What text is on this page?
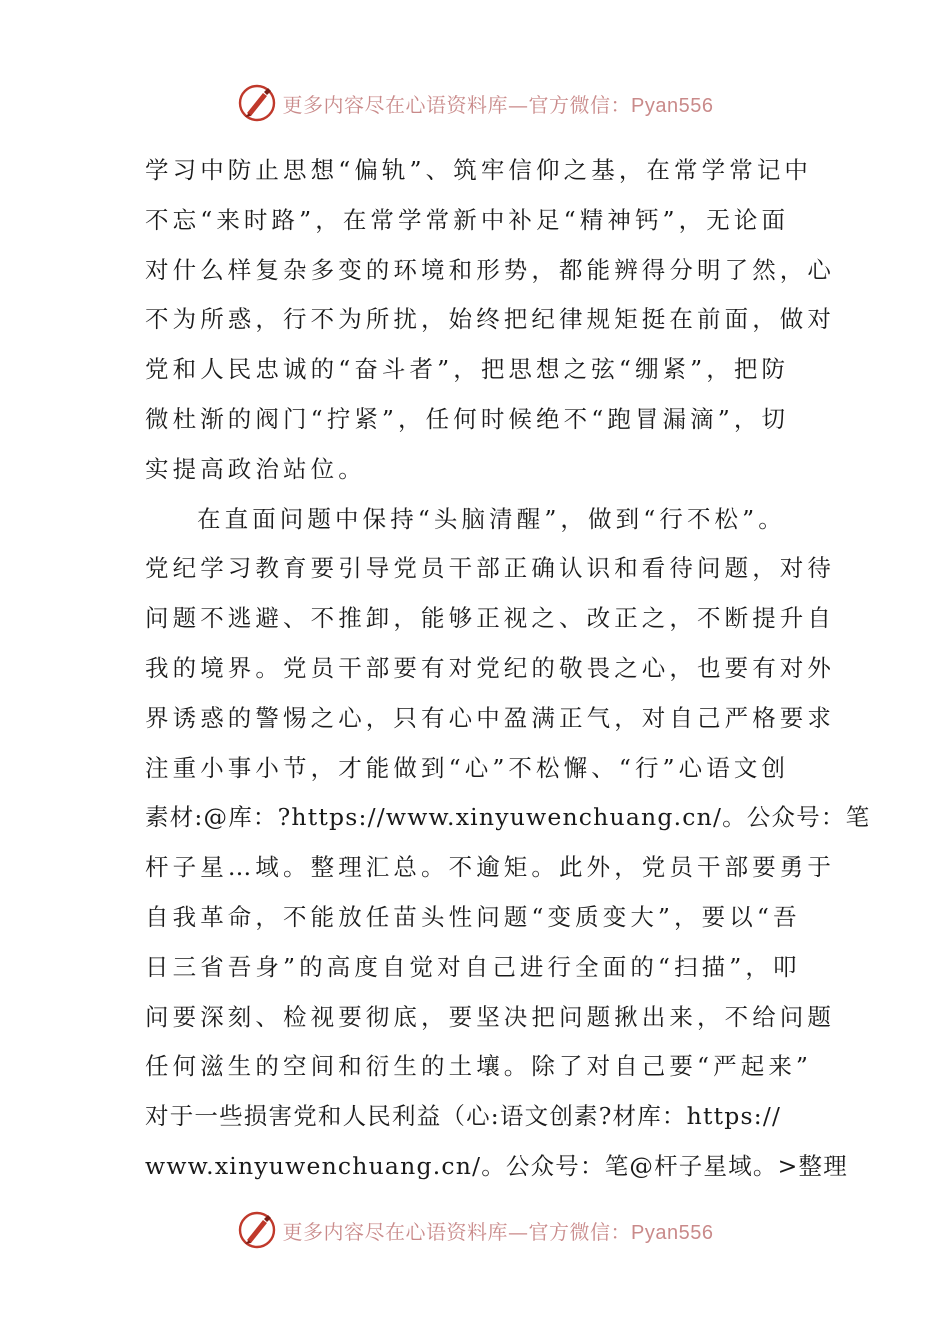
更多内容尽在心语资料库—官方微信：Pyan556
学习中防止思想“偏轨”、筑牢信仰之基，在常学常记中
不忘“来时路”，在常学常新中补足“精神钙”，无论面
对什么样复杂多变的环境和形势，都能辨得分明了然，心
不为所惑，行不为所扰，始终把纪律规矩挺在前面，做对
党和人民忠诚的“奋斗者”，把思想之弦“绷紧”，把防
微杜渐的阀门“拧紧”，任何时候绝不“跑冒漏滴”，切
实提高政治站位。
在直面问题中保持“头脑清醒”，做到“行不松”。
党纪学习教育要引导党员干部正确认识和看待问题，对待
问题不逃避、不推卸，能够正视之、改正之，不断提升自
我的境界。党员干部要有对党纪的敬畏之心，也要有对外
界诱惑的警惕之心，只有心中盈满正气，对自己严格要求
注重小事小节，才能做到“心”不松懈、“行”心语文创
素材:@库：?https://www.xinyuwenchuang.cn/。公众号：笔
杆子星…域。整理汇总。不逾矩。此外，党员干部要勇于
自我革命，不能放任苗头性问题“变质变大”，要以“吾
日三省吾身”的高度自觉对自己进行全面的“扫描”，叩
问要深刻、检视要彻底，要坚决把问题揪出来，不给问题
任何滋生的空间和衍生的土壤。除了对自己要“严起来”
对于一些损害党和人民利益（心:语文创素?材库：https://
www.xinyuwenchuang.cn/。公众号：笔@杆子星域。>整理
更多内容尽在心语资料库—官方微信：Pyan556
